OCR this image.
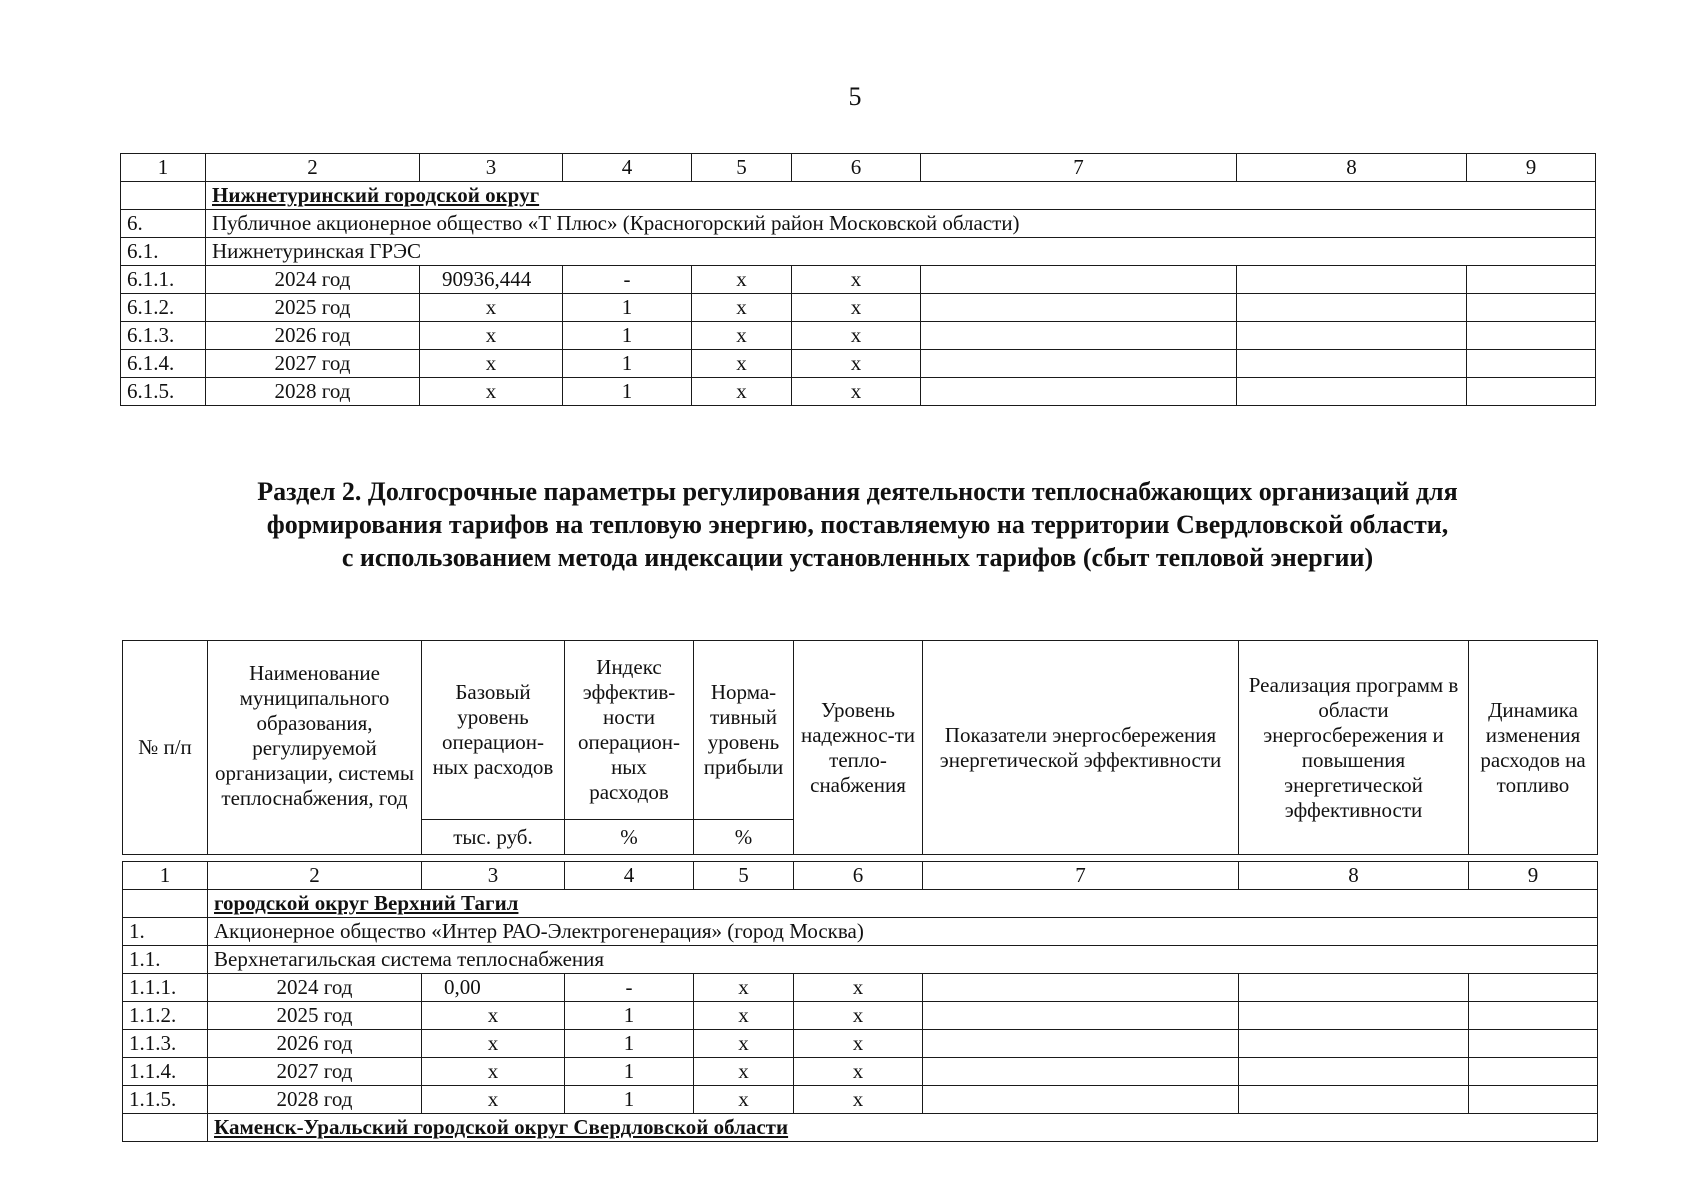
5
1	2	3	4	5	6	7	8	9
	Нижнетуринский городской округ							
6.	Публичное акционерное общество «Т Плюс» (Красногорский район Московской области)							
6.1.	Нижнетуринская ГРЭС							
6.1.1.	2024 год	90936,444	-	х	х			
6.1.2.	2025 год	х	1	х	х			
6.1.3.	2026 год	х	1	х	х			
6.1.4.	2027 год	х	1	х	х			
6.1.5.	2028 год	х	1	х	х			
Раздел 2. Долгосрочные параметры регулирования деятельности теплоснабжающих организаций для
формирования тарифов на тепловую энергию, поставляемую на территории Свердловской области,
с использованием метода индексации установленных тарифов (сбыт тепловой энергии)
№ п/п	Наименование муниципального образования, регулируемой организации, системы теплоснабжения, год	Базовый уровень операцион-ных расходов	Индекс эффектив-ности операцион-ных расходов	Норма-тивный уровень прибыли	Уровень надежнос-ти тепло-снабжения	Показатели энергосбережения энергетической эффективности	Реализация программ в области энергосбережения и повышения энергетической эффективности	Динамика изменения расходов на топливо
		тыс. руб.	%	%				

1	2	3	4	5	6	7	8	9
	городской округ Верхний Тагил							
1.	Акционерное общество «Интер РАО-Электрогенерация» (город Москва)							
1.1.	Верхнетагильская система теплоснабжения							
1.1.1.	2024 год	0,00	-	х	х			
1.1.2.	2025 год	х	1	х	х			
1.1.3.	2026 год	х	1	х	х			
1.1.4.	2027 год	х	1	х	х			
1.1.5.	2028 год	х	1	х	х			
	Каменск-Уральский городской округ Свердловской области							
